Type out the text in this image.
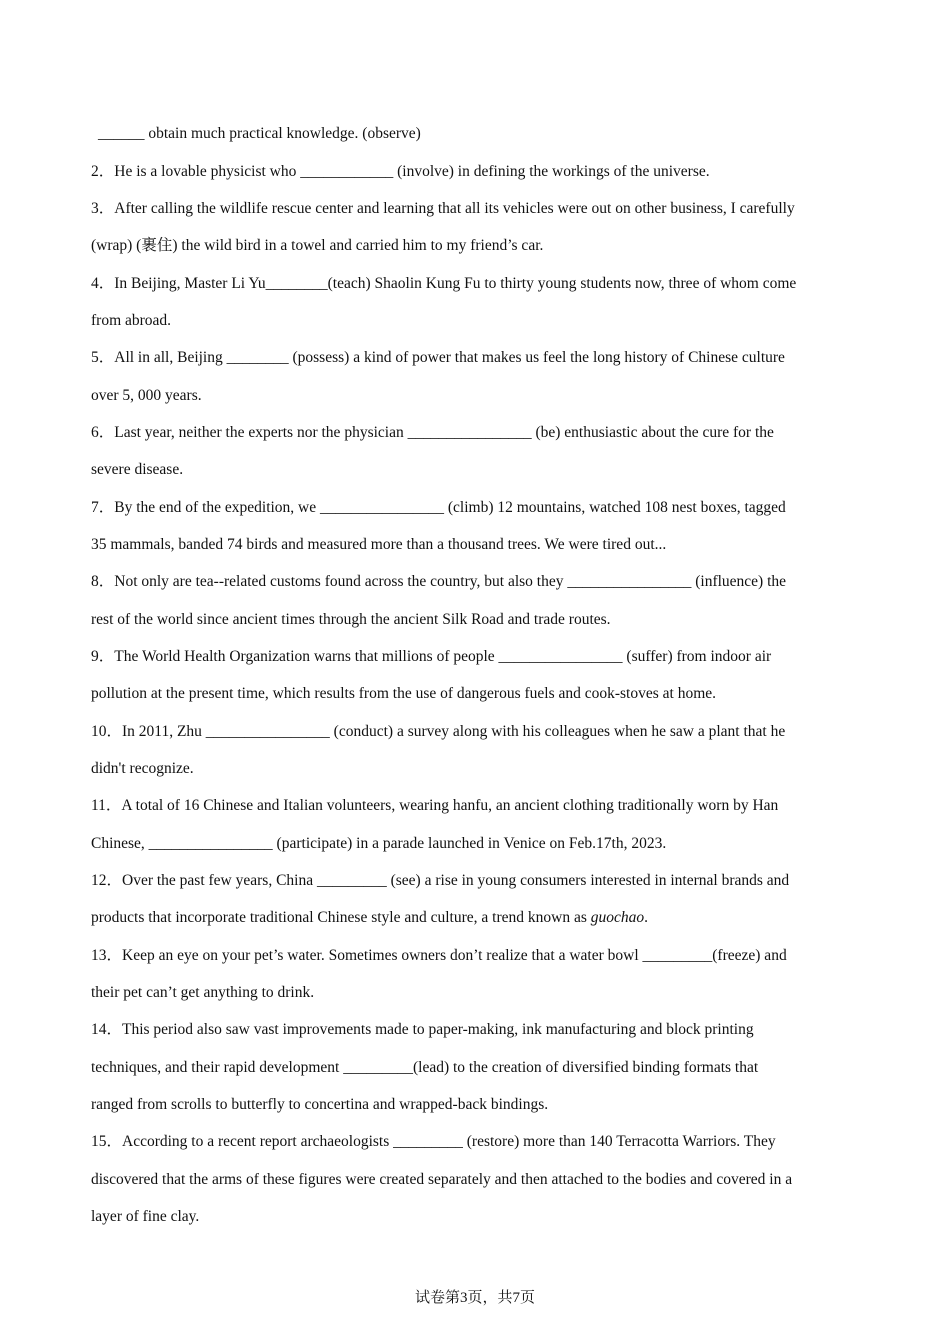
______ obtain much practical knowledge. (observe)
2．He is a lovable physicist who ____________ (involve) in defining the workings of the universe.
3．After calling the wildlife rescue center and learning that all its vehicles were out on other business, I carefully
(wrap) (裹住) the wild bird in a towel and carried him to my friend’s car.
4．In Beijing, Master Li Yu________(teach) Shaolin Kung Fu to thirty young students now, three of whom come
from abroad.
5．All in all, Beijing ________ (possess) a kind of power that makes us feel the long history of Chinese culture
over 5, 000 years.
6．Last year, neither the experts nor the physician ________________ (be) enthusiastic about the cure for the
severe disease.
7．By the end of the expedition, we ________________ (climb) 12 mountains, watched 108 nest boxes, tagged
35 mammals, banded 74 birds and measured more than a thousand trees. We were tired out...
8．Not only are tea--related customs found across the country, but also they ________________ (influence) the
rest of the world since ancient times through the ancient Silk Road and trade routes.
9．The World Health Organization warns that millions of people ________________ (suffer) from indoor air
pollution at the present time, which results from the use of dangerous fuels and cook-stoves at home.
10．In 2011, Zhu ________________ (conduct) a survey along with his colleagues when he saw a plant that he
didn't recognize.
11．A total of 16 Chinese and Italian volunteers, wearing hanfu, an ancient clothing traditionally worn by Han
Chinese, ________________ (participate) in a parade launched in Venice on Feb.17th, 2023.
12．Over the past few years, China _________ (see) a rise in young consumers interested in internal brands and
products that incorporate traditional Chinese style and culture, a trend known as guochao.
13．Keep an eye on your pet’s water. Sometimes owners don’t realize that a water bowl _________(freeze) and
their pet can’t get anything to drink.
14．This period also saw vast improvements made to paper-making, ink manufacturing and block printing
techniques, and their rapid development _________(lead) to the creation of diversified binding formats that
ranged from scrolls to butterfly to concertina and wrapped-back bindings.
15．According to a recent report archaeologists _________ (restore) more than 140 Terracotta Warriors. They
discovered that the arms of these figures were created separately and then attached to the bodies and covered in a
layer of fine clay.
试卷第3页，共7页
